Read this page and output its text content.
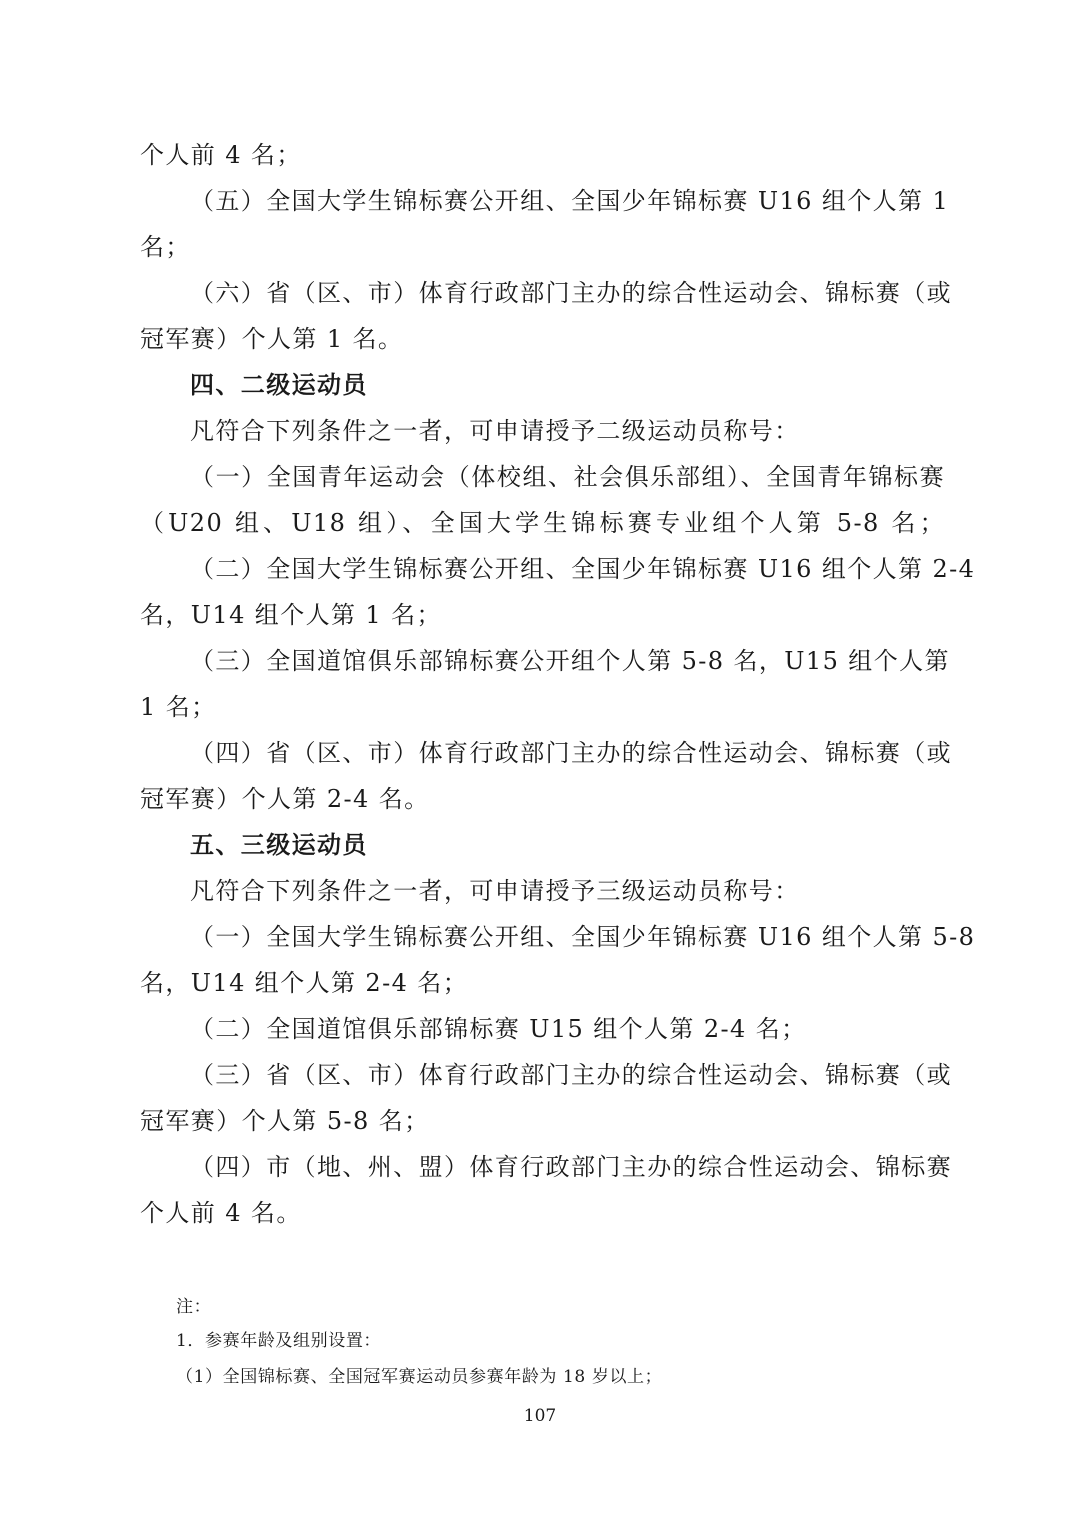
个人前 4 名；
（五）全国大学生锦标赛公开组、全国少年锦标赛 U16 组个人第 1
名；
（六）省（区、市）体育行政部门主办的综合性运动会、锦标赛（或
冠军赛）个人第 1 名。
四、二级运动员
凡符合下列条件之一者，可申请授予二级运动员称号：
（一）全国青年运动会（体校组、社会俱乐部组）、全国青年锦标赛
（U20 组、U18 组）、全国大学生锦标赛专业组个人第 5-8 名；
（二）全国大学生锦标赛公开组、全国少年锦标赛 U16 组个人第 2-4
名，U14 组个人第 1 名；
（三）全国道馆俱乐部锦标赛公开组个人第 5-8 名，U15 组个人第
1 名；
（四）省（区、市）体育行政部门主办的综合性运动会、锦标赛（或
冠军赛）个人第 2-4 名。
五、三级运动员
凡符合下列条件之一者，可申请授予三级运动员称号：
（一）全国大学生锦标赛公开组、全国少年锦标赛 U16 组个人第 5-8
名，U14 组个人第 2-4 名；
（二）全国道馆俱乐部锦标赛 U15 组个人第 2-4 名；
（三）省（区、市）体育行政部门主办的综合性运动会、锦标赛（或
冠军赛）个人第 5-8 名；
（四）市（地、州、盟）体育行政部门主办的综合性运动会、锦标赛
个人前 4 名。
注：
1．参赛年龄及组别设置：
（1）全国锦标赛、全国冠军赛运动员参赛年龄为 18 岁以上；
107
